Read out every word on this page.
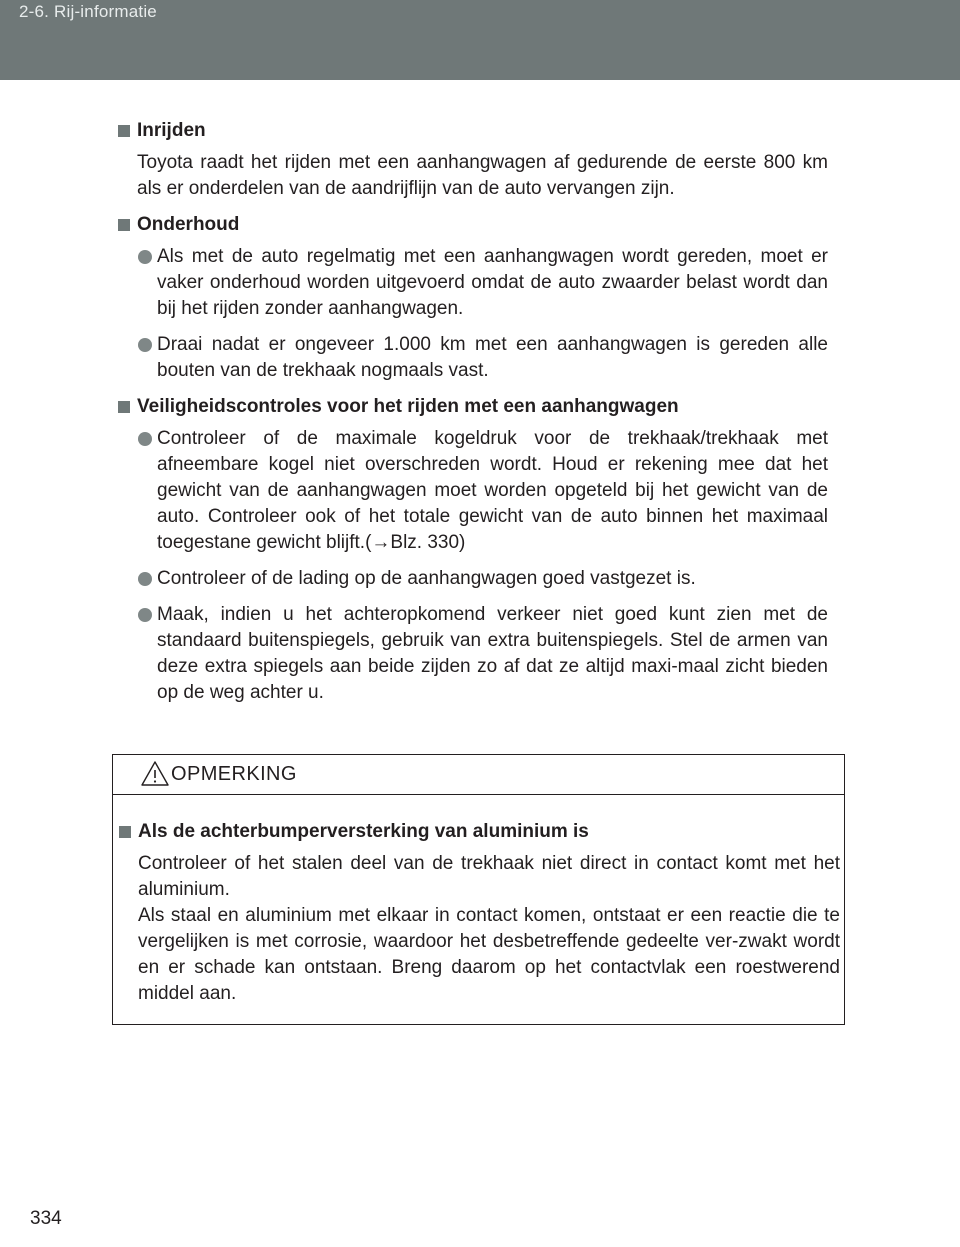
2-6. Rij-informatie
Inrijden

Toyota raadt het rijden met een aanhangwagen af gedurende de eerste 800 km als er onderdelen van de aandrijflijn van de auto vervangen zijn.

Onderhoud
Als met de auto regelmatig met een aanhangwagen wordt gereden, moet er vaker onderhoud worden uitgevoerd omdat de auto zwaarder belast wordt dan bij het rijden zonder aanhangwagen.
Draai nadat er ongeveer 1.000 km met een aanhangwagen is gereden alle bouten van de trekhaak nogmaals vast.
Veiligheidscontroles voor het rijden met een aanhangwagen
Controleer of de maximale kogeldruk voor de trekhaak/trekhaak met afneembare kogel niet overschreden wordt. Houd er rekening mee dat het gewicht van de aanhangwagen moet worden opgeteld bij het gewicht van de auto. Controleer ook of het totale gewicht van de auto binnen het maximaal toegestane gewicht blijft.(→Blz. 330)
Controleer of de lading op de aanhangwagen goed vastgezet is.
Maak, indien u het achteropkomend verkeer niet goed kunt zien met de standaard buitenspiegels, gebruik van extra buitenspiegels. Stel de armen van deze extra spiegels aan beide zijden zo af dat ze altijd maxi-maal zicht bieden op de weg achter u.
OPMERKING
Als de achterbumperversterking van aluminium is

Controleer of het stalen deel van de trekhaak niet direct in contact komt met het aluminium.

Als staal en aluminium met elkaar in contact komen, ontstaat er een reactie die te vergelijken is met corrosie, waardoor het desbetreffende gedeelte ver-zwakt wordt en er schade kan ontstaan. Breng daarom op het contactvlak een roestwerend middel aan.

334
